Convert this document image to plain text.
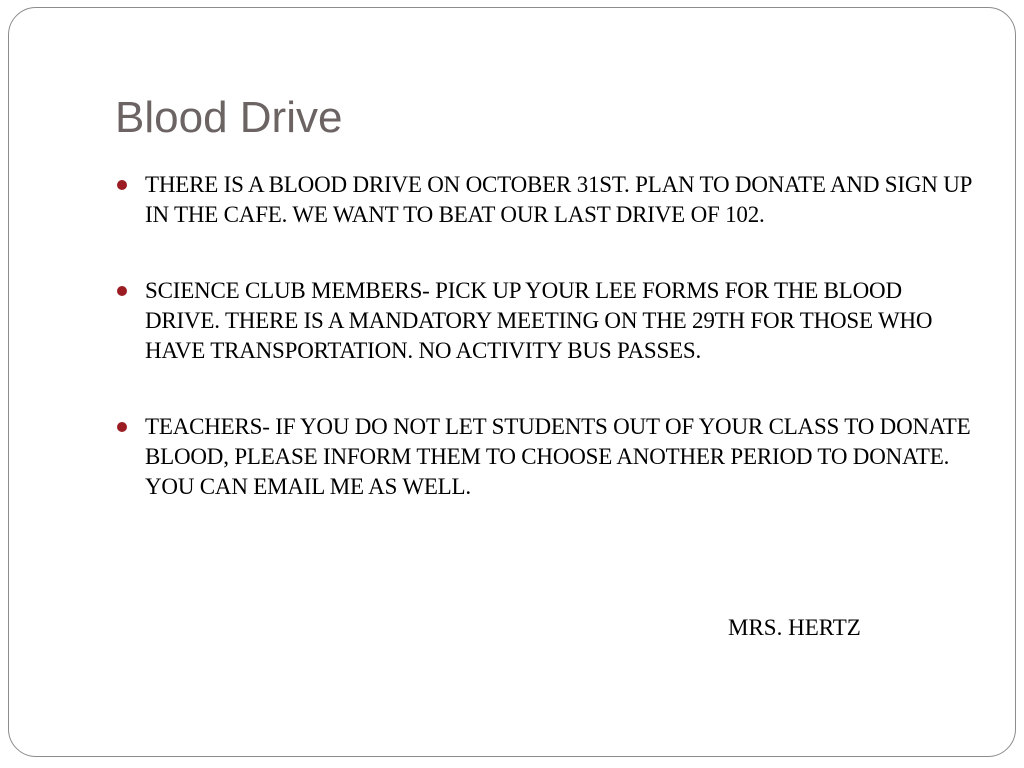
Blood Drive
THERE IS A BLOOD DRIVE ON OCTOBER 31ST. PLAN TO DONATE AND SIGN UP IN THE CAFE. WE WANT TO BEAT OUR LAST DRIVE OF 102.
SCIENCE CLUB MEMBERS- PICK UP YOUR LEE FORMS FOR THE BLOOD DRIVE. THERE IS A MANDATORY MEETING ON THE 29TH FOR THOSE WHO HAVE TRANSPORTATION. NO ACTIVITY BUS PASSES.
TEACHERS- IF YOU DO NOT LET STUDENTS OUT OF YOUR CLASS TO DONATE BLOOD, PLEASE INFORM THEM TO CHOOSE ANOTHER PERIOD TO DONATE. YOU CAN EMAIL ME AS WELL.
MRS. HERTZ
